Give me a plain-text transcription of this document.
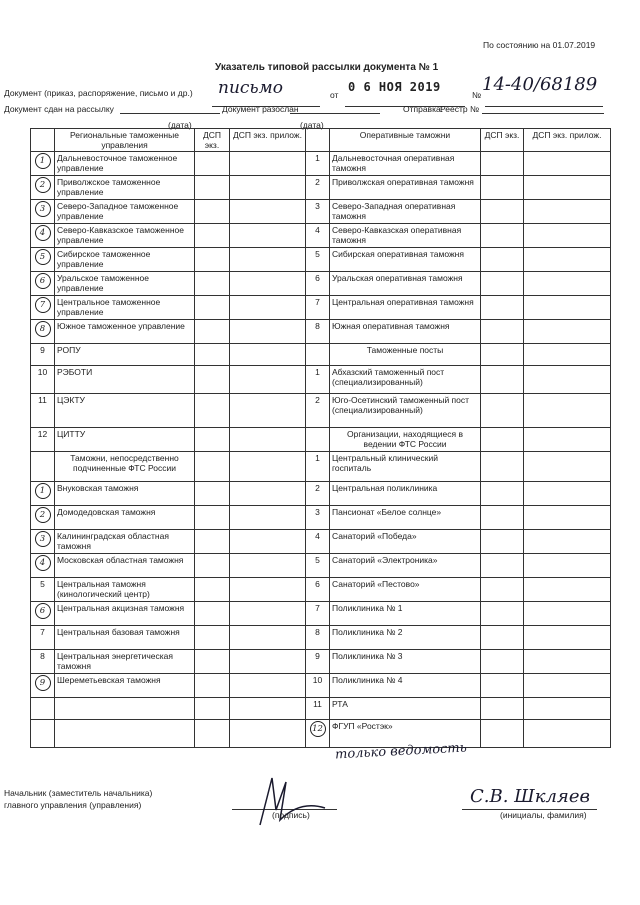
По состоянию на 01.07.2019
Указатель типовой рассылки документа № 1
Документ (приказ, распоряжение, письмо и др.) письмо	от
0 6 НОЯ 2019
№ 14-40/68189
(дата)	(дата)
Документ сдан на рассылку	Документ разослан	Отправка:
Реестр №
	Региональные таможенные управления	ДСП экз.	ДСП экз. прилож.		Оперативные таможни	ДСП экз.	ДСП экз. прилож.
1	Дальневосточное таможенное управление			1	Дальневосточная оперативная таможня		
2	Приволжское таможенное управление			2	Приволжская оперативная таможня		
3	Северо-Западное таможенное управление			3	Северо-Западная оперативная таможня		
4	Северо-Кавказское таможенное управление			4	Северо-Кавказская оперативная таможня		
5	Сибирское таможенное управление			5	Сибирская оперативная таможня		
6	Уральское таможенное управление			6	Уральская оперативная таможня		
7	Центральное таможенное управление			7	Центральная оперативная таможня		
8	Южное таможенное управление			8	Южная оперативная таможня		
9	РОПУ				Таможенные посты		
10	РЭБОТИ			1	Абхазский таможенный пост (специализированный)		
11	ЦЭКТУ			2	Юго-Осетинский таможенный пост (специализированный)		
12	ЦИТТУ				Организации, находящиеся в ведении ФТС России		
	Таможни, непосредственно подчиненные ФТС России			1	Центральный клинический госпиталь		
1	Внуковская таможня			2	Центральная поликлиника		
2	Домодедовская таможня			3	Пансионат «Белое солнце»		
3	Калининградская областная таможня			4	Санаторий «Победа»		
4	Московская областная таможня			5	Санаторий «Электроника»		
5	Центральная таможня (кинологический центр)			6	Санаторий «Пестово»		
6	Центральная акцизная таможня			7	Поликлиника № 1		
7	Центральная базовая таможня			8	Поликлиника № 2		
8	Центральная энергетическая таможня			9	Поликлиника № 3		
9	Шереметьевская таможня			10	Поликлиника № 4		
				11	РТА		
				12	ФГУП «Ростэк»		
только ведомость
Начальник (заместитель начальника)
главного управления (управления)
(подпись)
С.В. Шкляев
(инициалы, фамилия)
